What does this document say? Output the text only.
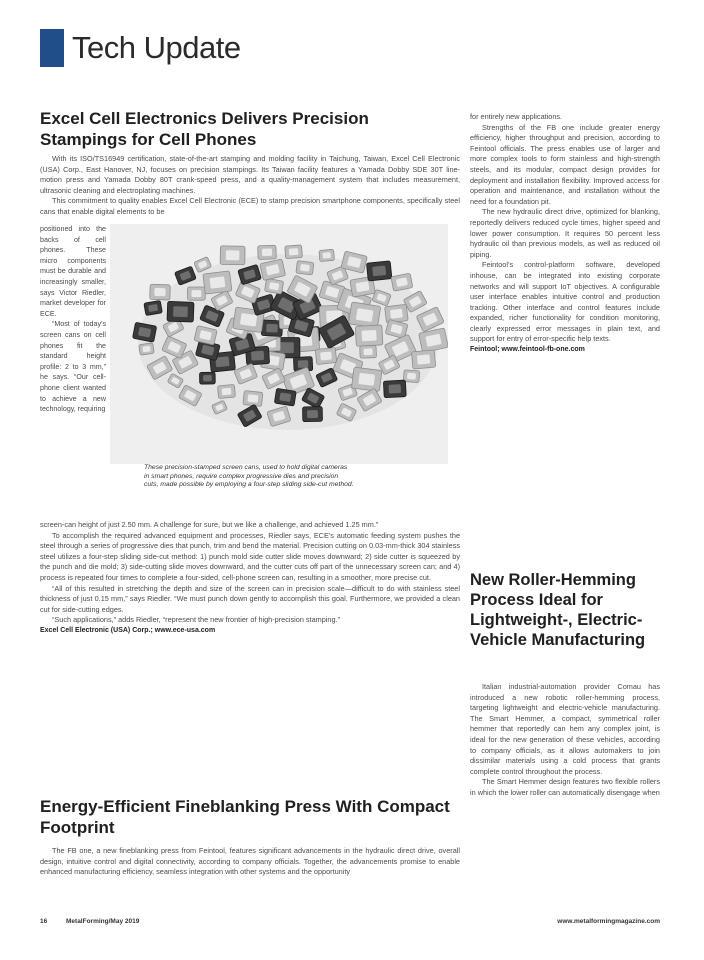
Tech Update
Excel Cell Electronics Delivers Precision Stampings for Cell Phones

With its ISO/TS16949 certification, state-of-the-art stamping and molding facility in Taichung, Taiwan, Excel Cell Electronic (USA) Corp., East Hanover, NJ, focuses on precision stampings. Its Taiwan facility features a Yamada Dobby SDE 30T line-motion press and Yamada Dobby 80T crank-speed press, and a quality-management system that includes measurement, ultrasonic cleaning and electroplating machines.

This commitment to quality enables Excel Cell Electronic (ECE) to stamp precision smartphone components, specifically steel cans that enable digital elements to be

positioned into the backs of cell phones. These micro components must be durable and increasingly smaller, says Victor Riedler, market developer for ECE.

“Most of today’s screen cans on cell phones fit the standard height profile: 2 to 3 mm,” he says. “Our cell-phone client wanted to achieve a new technology, requiring

These precision-stamped screen cans, used to hold digital cameras in smart phones, require complex progressive dies and precision cuts, made possible by employing a four-step sliding side-cut method.

screen-can height of just 2.50 mm. A challenge for sure, but we like a challenge, and achieved 1.25 mm.”

To accomplish the required advanced equipment and processes, Riedler says, ECE’s automatic feeding system pushes the steel through a series of progressive dies that punch, trim and bend the material. Precision cutting on 0.03-mm-thick 304 stainless steel utilizes a four-step sliding side-cut method: 1) punch mold side cutter slide moves downward; 2) side cutter is squeezed by the punch and die mold; 3) side-cutting slide moves downward, and the cutter cuts off part of the unnecessary screen can; and 4) process is repeated four times to complete a four-sided, cell-phone screen can, resulting in a smoother, more precise cut.

“All of this resulted in stretching the depth and size of the screen can in precision scale—difficult to do with stainless steel thickness of just 0.15 mm,” says Riedler. “We must punch down gently to accomplish this goal. Furthermore, we provided a clean cut for side-cutting edges.

“Such applications,” adds Riedler, “represent the new frontier of high-precision stamping.”

Excel Cell Electronic (USA) Corp.; www.ece-usa.com

Energy-Efficient Fineblanking Press With Compact Footprint

The FB one, a new fineblanking press from Feintool, features significant advancements in the hydraulic direct drive, overall design, intuitive control and digital connectivity, according to company officials. Together, the advancements promise to enable enhanced manufacturing efficiency, seamless integration with other systems and the opportunity

for entirely new applications.

Strengths of the FB one include greater energy efficiency, higher throughput and precision, according to Feintool officials. The press enables use of larger and more complex tools to form stainless and high-strength steels, and its modular, compact design provides for deployment and installation flexibility. Improved access for operation and maintenance, and installation without the need for a foundation pit.

The new hydraulic direct drive, optimized for blanking, reportedly delivers reduced cycle times, higher speed and lower power consumption. It requires 50 percent less hydraulic oil than previous models, as well as reduced oil piping.

Feintool’s control-platform software, developed inhouse, can be integrated into existing corporate networks and will support IoT objectives. A configurable user interface enables intuitive control and production tracking. Other interface and control features include expanded, richer functionality for condition monitoring, clearly expressed error messages in plain text, and support for entry of error-specific help texts.

Feintool; www.feintool-fb-one.com

New Roller-Hemming Process Ideal for Lightweight-, Electric-Vehicle Manufacturing

Italian industrial-automation provider Comau has introduced a new robotic roller-hemming process, targeting lightweight and electric-vehicle manufacturing. The Smart Hemmer, a compact, symmetrical roller hemmer that reportedly can hem any complex joint, is ideal for the new generation of these vehicles, according to company officials, as it allows automakers to join dissimilar materials using a cold process that grants complete control throughout the process.

The Smart Hemmer design features two flexible rollers in which the lower roller can automatically disengage when

16	MetalForming/May 2019	www.metalformingmagazine.com
